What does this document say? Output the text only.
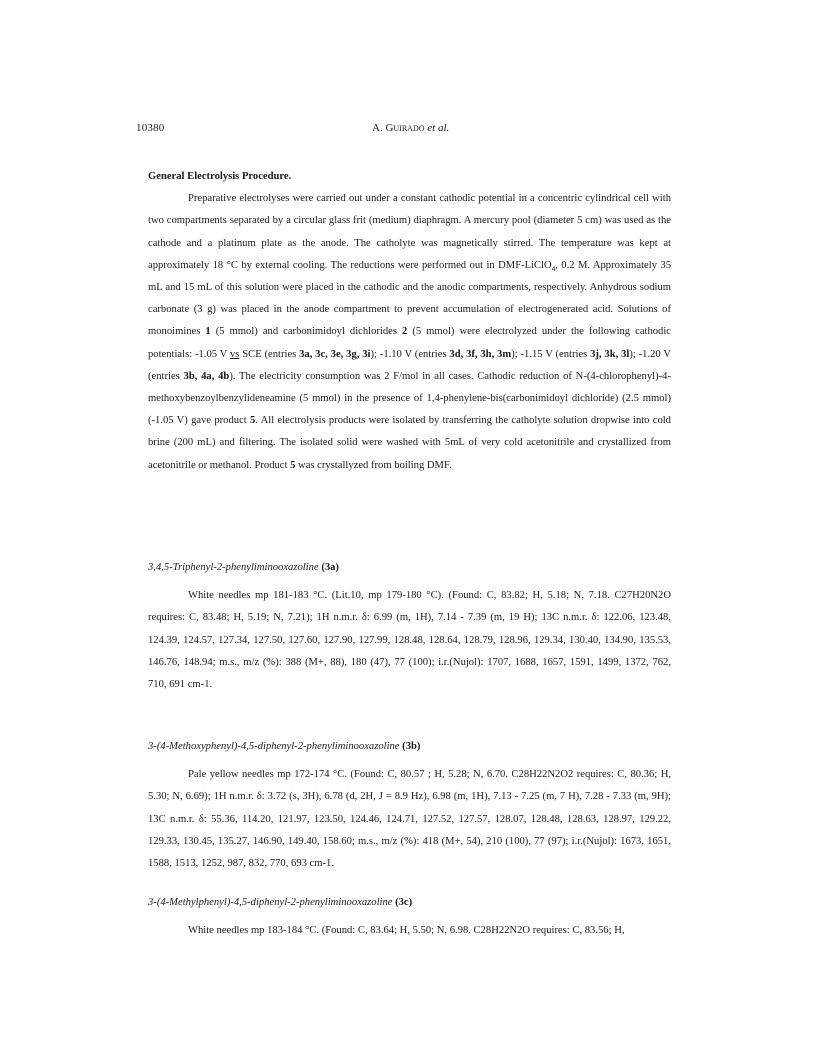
10380	A. Guirado et al.

General Electrolysis Procedure.

Preparative electrolyses were carried out under a constant cathodic potential in a concentric cylindrical cell with two compartments separated by a circular glass frit (medium) diaphragm. A mercury pool (diameter 5 cm) was used as the cathode and a platinum plate as the anode. The catholyte was magnetically stirred. The temperature was kept at approximately 18 °C by external cooling. The reductions were performed out in DMF-LiClO$_4$, 0.2 M. Approximately 35 mL and 15 mL of this solution were placed in the cathodic and the anodic compartments, respectively. Anhydrous sodium carbonate (3 g) was placed in the anode compartment to prevent accumulation of electrogenerated acid. Solutions of monoimines 1 (5 mmol) and carbonimidoyl dichlorides 2 (5 mmol) were electrolyzed under the following cathodic potentials: -1.05 V vs SCE (entries 3a, 3c, 3e, 3g, 3i); -1.10 V (entries 3d, 3f, 3h, 3m); -1.15 V (entries 3j, 3k, 3l); -1.20 V (entries 3b, 4a, 4b). The electricity consumption was 2 F/mol in all cases. Cathodic reduction of N-(4-chlorophenyl)-4-methoxybenzoylbenzylideneamine (5 mmol) in the presence of 1,4-phenylene-bis(carbonimidoyl dichloride) (2.5 mmol) (-1.05 V) gave product 5. All electrolysis products were isolated by transferring the catholyte solution dropwise into cold brine (200 mL) and filtering. The isolated solid were washed with 5mL of very cold acetonitrile and crystallized from acetonitrile or methanol. Product 5 was crystallyzed from boiling DMF.

3,4,5-Triphenyl-2-phenyliminooxazoline (3a)

White needles mp 181-183 °C. (Lit.10, mp 179-180 °C). (Found: C, 83.82; H, 5.18; N, 7.18. C27H20N2O requires: C, 83.48; H, 5.19; N, 7.21); 1H n.m.r. δ: 6.99 (m, 1H), 7.14 - 7.39 (m, 19 H); 13C n.m.r. δ: 122.06, 123.48, 124.39, 124.57, 127.34, 127.50, 127.60, 127.90, 127.99, 128.48, 128.64, 128.79, 128.96, 129.34, 130.40, 134.90, 135.53, 146.76, 148.94; m.s., m/z (%): 388 (M+, 88), 180 (47), 77 (100); i.r.(Nujol): 1707, 1688, 1657, 1591, 1499, 1372, 762, 710, 691 cm-1.

3-(4-Methoxyphenyl)-4,5-diphenyl-2-phenyliminooxazoline (3b)

Pale yellow needles mp 172-174 °C. (Found: C, 80.57 ; H, 5.28; N, 6.70. C28H22N2O2 requires: C, 80.36; H, 5.30; N, 6.69); 1H n.m.r. δ: 3.72 (s, 3H), 6.78 (d, 2H, J = 8.9 Hz), 6.98 (m, 1H), 7.13 - 7.25 (m, 7 H), 7.28 - 7.33 (m, 9H); 13C n.m.r. δ: 55.36, 114.20, 121.97, 123.50, 124.46, 124.71, 127.52, 127.57, 128.07, 128.48, 128.63, 128.97, 129.22, 129.33, 130.45, 135.27, 146.90, 149.40, 158.60; m.s., m/z (%): 418 (M+, 54), 210 (100), 77 (97); i.r.(Nujol): 1673, 1651, 1588, 1513, 1252, 987, 832, 770, 693 cm-1.

3-(4-Methylphenyl)-4,5-diphenyl-2-phenyliminooxazoline (3c)

White needles mp 183-184 °C. (Found: C, 83.64; H, 5.50; N, 6.98. C28H22N2O requires: C, 83.56; H,
